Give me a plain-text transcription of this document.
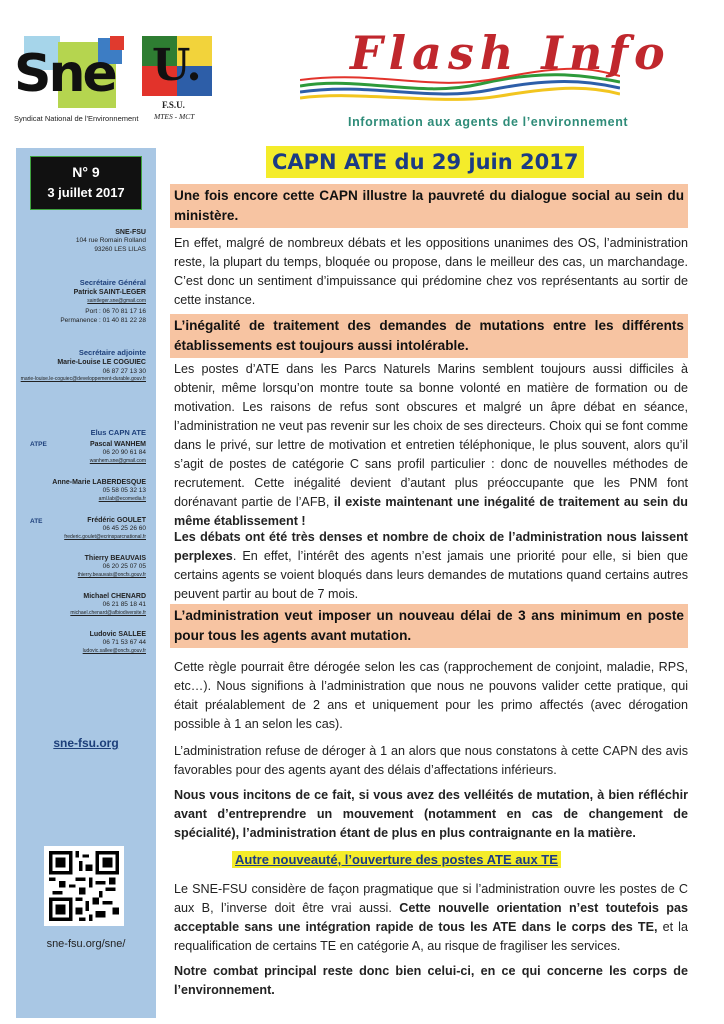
Sne
Syndicat National de l'Environnement
U.
F.S.U.
MTES - MCT
Flash Info
Information aux agents de l’environnement
N° 9
3 juillet 2017
SNE-FSU
104 rue Romain Rolland
93260 LES LILAS
Secrétaire Général
Patrick SAINT-LEGER
saintleger.sne@gmail.com
Port : 06 70 81 17 16
Permanence : 01 40 81 22 28
Secrétaire adjointe
Marie-Louise LE COGUIEC
06 87 27 13 30
marie-louise.le-coguiec@developpement-durable.gouv.fr
Elus CAPN ATE
ATPE	Pascal WANHEM
06 20 90 61 84
wanhem.sne@gmail.com
Anne-Marie LABERDESQUE
05 58 05 32 13
aml.lab@ecomedia.fr
ATE	Frédéric GOULET
06 45 25 26 60
frederic.goulet@ecrinsparcnational.fr
Thierry BEAUVAIS
06 20 25 07 05
thierry.beauvais@oncfs.gouv.fr
Michael CHENARD
06 21 85 18 41
michael.chenard@afbiodiversite.fr
Ludovic SALLEE
06 71 53 67 44
ludovic.sallee@oncfs.gouv.fr
sne-fsu.org
sne-fsu.org/sne/
CAPN ATE du 29 juin 2017
Une fois encore cette CAPN illustre la pauvreté du dialogue social au sein du ministère.
En effet, malgré de nombreux débats et les oppositions unanimes des OS, l’administration reste, la plupart du temps, bloquée ou propose, dans le meilleur des cas, un marchandage. C’est donc un sentiment d’impuissance qui prédomine chez vos représentants au sortir de cette instance.
L’inégalité de traitement des demandes de mutations entre les différents établissements est toujours aussi intolérable.
Les postes d’ATE dans les Parcs Naturels Marins semblent toujours aussi difficiles à obtenir, même lorsqu’on montre toute sa bonne volonté en matière de formation ou de motivation. Les raisons de refus sont obscures et malgré un âpre débat en séance, l’administration ne veut pas revenir sur les choix de ses directeurs. Choix qui se font comme dans le privé, sur lettre de motivation et entretien téléphonique, le plus souvent, alors qu’il s’agit de postes de catégorie C sans profil particulier : donc de nouvelles méthodes de recrutement. Cette inégalité devient d’autant plus préoccupante que les PNM font dorénavant partie de l’AFB, il existe maintenant une inégalité de traitement au sein du même établissement !
Les débats ont été très denses et nombre de choix de l’administration nous laissent perplexes. En effet, l’intérêt des agents n’est jamais une priorité pour elle, si bien que certains agents se voient bloqués dans leurs demandes de mutations quand certains autres peuvent partir au bout de 7 mois.
L’administration veut imposer un nouveau délai de 3 ans minimum en poste pour tous les agents avant mutation.
Cette règle pourrait être dérogée selon les cas (rapprochement de conjoint, maladie, RPS, etc…). Nous signifions à l’administration que nous ne pouvons valider cette pratique, qui était préalablement de 2 ans et uniquement pour les primo affectés (avec dérogation possible à 1 an selon les cas).
L’administration refuse de déroger à 1 an alors que nous constatons à cette CAPN des avis favorables pour des agents ayant des délais d’affectations inférieurs.
Nous vous incitons de ce fait, si vous avez des velléités de mutation, à bien réfléchir avant d’entreprendre un mouvement (notamment en cas de changement de spécialité), l’administration étant de plus en plus contraignante en la matière.
Autre nouveauté, l’ouverture des postes ATE aux TE
Le SNE-FSU considère de façon pragmatique que si l’administration ouvre les postes de C aux B, l’inverse doit être vrai aussi. Cette nouvelle orientation n’est toutefois pas acceptable sans une intégration rapide de tous les ATE dans le corps des TE, et la requalification de certains TE en catégorie A, au risque de fragiliser les services.
Notre combat principal reste donc bien celui-ci, en ce qui concerne les corps de l’environnement.
